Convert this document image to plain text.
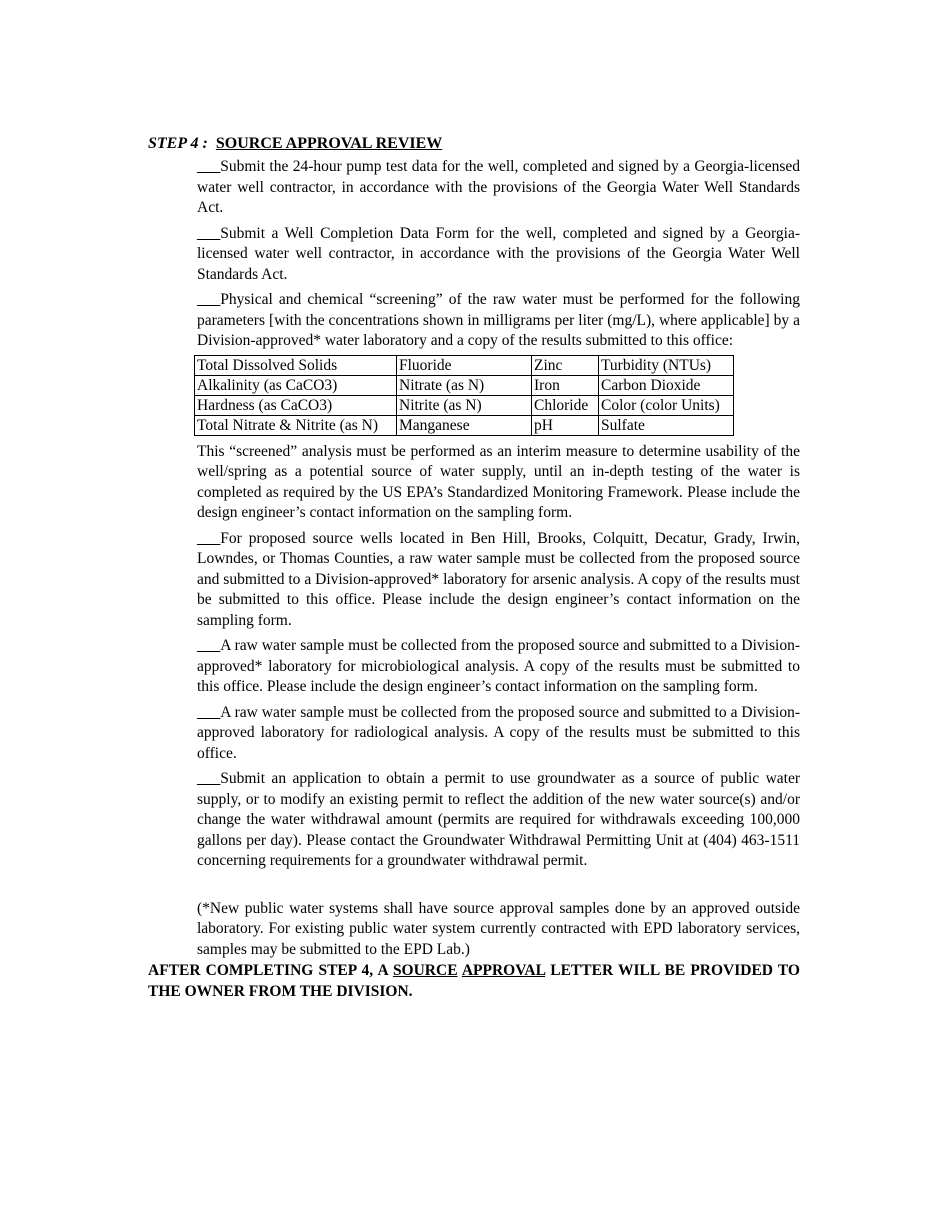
STEP 4 : SOURCE APPROVAL REVIEW

___Submit the 24-hour pump test data for the well, completed and signed by a Georgia-licensed water well contractor, in accordance with the provisions of the Georgia Water Well Standards Act.

___Submit a Well Completion Data Form for the well, completed and signed by a Georgia-licensed water well contractor, in accordance with the provisions of the Georgia Water Well Standards Act.

___Physical and chemical “screening” of the raw water must be performed for the following parameters [with the concentrations shown in milligrams per liter (mg/L), where applicable] by a Division-approved* water laboratory and a copy of the results submitted to this office:

Total Dissolved Solids	Fluoride	Zinc	Turbidity (NTUs)
Alkalinity (as CaCO3)	Nitrate (as N)	Iron	Carbon Dioxide
Hardness (as CaCO3)	Nitrite (as N)	Chloride	Color (color Units)
Total Nitrate & Nitrite (as N)	Manganese	pH	Sulfate

This “screened” analysis must be performed as an interim measure to determine usability of the well/spring as a potential source of water supply, until an in-depth testing of the water is completed as required by the US EPA’s Standardized Monitoring Framework. Please include the design engineer’s contact information on the sampling form.

___For proposed source wells located in Ben Hill, Brooks, Colquitt, Decatur, Grady, Irwin, Lowndes, or Thomas Counties, a raw water sample must be collected from the proposed source and submitted to a Division-approved* laboratory for arsenic analysis. A copy of the results must be submitted to this office. Please include the design engineer’s contact information on the sampling form.

___A raw water sample must be collected from the proposed source and submitted to a Division-approved* laboratory for microbiological analysis. A copy of the results must be submitted to this office. Please include the design engineer’s contact information on the sampling form.

___A raw water sample must be collected from the proposed source and submitted to a Division-approved laboratory for radiological analysis. A copy of the results must be submitted to this office.

___Submit an application to obtain a permit to use groundwater as a source of public water supply, or to modify an existing permit to reflect the addition of the new water source(s) and/or change the water withdrawal amount (permits are required for withdrawals exceeding 100,000 gallons per day). Please contact the Groundwater Withdrawal Permitting Unit at (404) 463-1511 concerning requirements for a groundwater withdrawal permit.

(*New public water systems shall have source approval samples done by an approved outside laboratory. For existing public water system currently contracted with EPD laboratory services, samples may be submitted to the EPD Lab.)

AFTER COMPLETING STEP 4, A SOURCE APPROVAL LETTER WILL BE PROVIDED TO THE OWNER FROM THE DIVISION.
